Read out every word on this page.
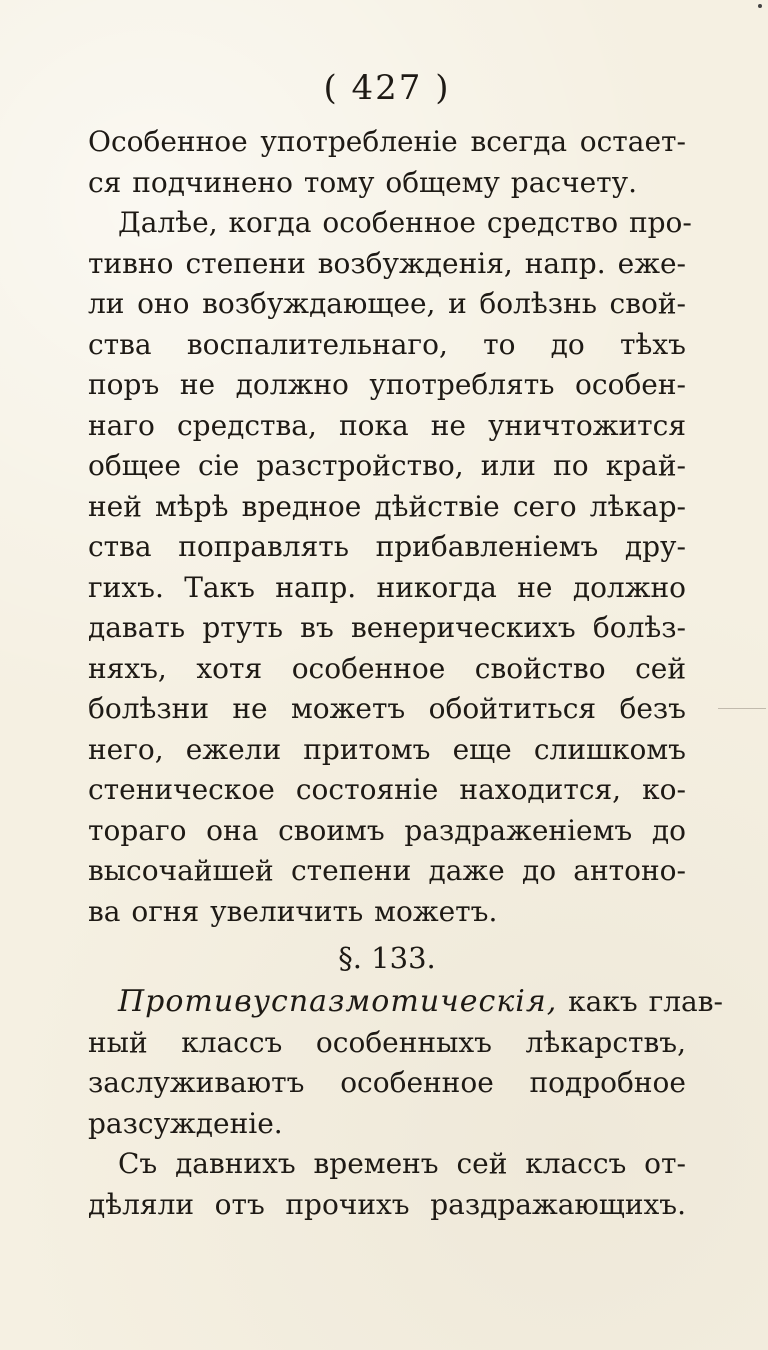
( 427 )
Особенное употребленіе всегда остает-
ся подчинено тому общему расчету.
Далѣе, когда особенное средство про-
тивно степени возбужденія, напр. еже-
ли оно возбуждающее, и болѣзнь свой-
ства воспалительнаго, то до тѣхъ
поръ не должно употреблять особен-
наго средства, пока не уничтожится
общее сіе разстройство, или по край-
ней мѣрѣ вредное дѣйствіе сего лѣкар-
ства поправлять прибавленіемъ дру-
гихъ. Такъ напр. никогда не должно
давать ртуть въ венерическихъ болѣз-
няхъ, хотя особенное свойство сей
болѣзни не можетъ обойтиться безъ
него, ежели притомъ еще слишкомъ
стеническое состояніе находится, ко-
тораго она своимъ раздраженіемъ до
высочайшей степени даже до антоно-
ва огня увеличить можетъ.
§. 133.
Противуспазмотическія, какъ глав-
ный классъ особенныхъ лѣкарствъ,
заслуживаютъ особенное подробное
разсужденіе.
Съ давнихъ временъ сей классъ от-
дѣляли отъ прочихъ раздражающихъ.
